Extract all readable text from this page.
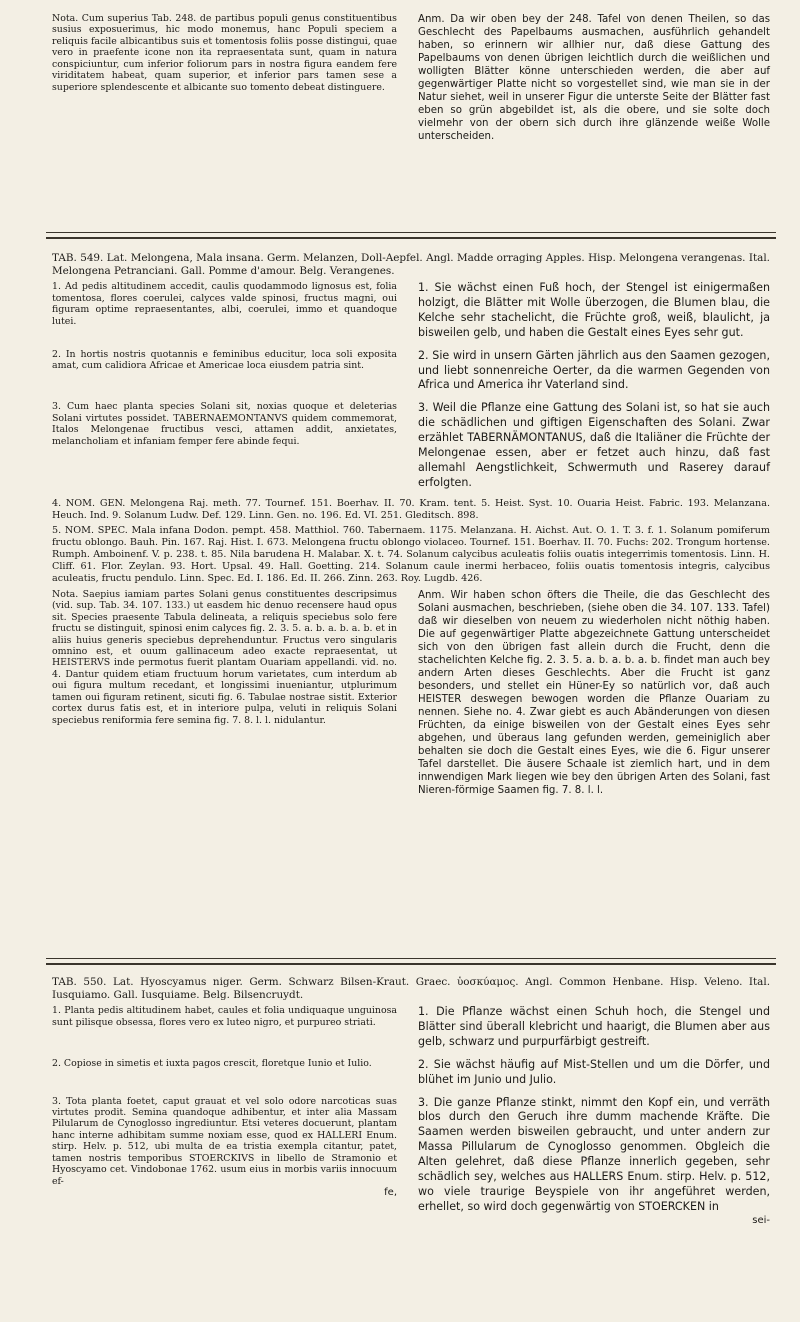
Nota. Cum superius Tab. 248. de partibus populi genus constituentibus susius exposuerimus, hic modo monemus, hanc Populi speciem a reliquis facile albicantibus suis et tomentosis foliis posse distingui, quae vero in praefente icone non ita repraesentata sunt, quam in natura conspiciuntur, cum inferior foliorum pars in nostra figura eandem fere viriditatem habeat, quam superior, et inferior pars tamen sese a superiore splendescente et albicante suo tomento debeat distinguere.
Anm. Da wir oben bey der 248. Tafel von denen Theilen, so das Geschlecht des Papelbaums ausmachen, ausführlich gehandelt haben, so erinnern wir allhier nur, daß diese Gattung des Papelbaums von denen übrigen leichtlich durch die weißlichen und wolligten Blätter könne unterschieden werden, die aber auf gegenwärtiger Platte nicht so vorgestellet sind, wie man sie in der Natur siehet, weil in unserer Figur die unterste Seite der Blätter fast eben so grün abgebildet ist, als die obere, und sie solte doch vielmehr von der obern sich durch ihre glänzende weiße Wolle unterscheiden.
TAB. 549. Lat. Melongena, Mala insana. Germ. Melanzen, Doll-Aepfel. Angl. Madde orraging Apples. Hisp. Melongena verangenas. Ital. Melongena Petranciani. Gall. Pomme d'amour. Belg. Verangenes.
1. Ad pedis altitudinem accedit, caulis quodammodo lignosus est, folia tomentosa, flores coerulei, calyces valde spinosi, fructus magni, oui figuram optime repraesentantes, albi, coerulei, immo et quandoque lutei.
1. Sie wächst einen Fuß hoch, der Stengel ist einigermaßen holzigt, die Blätter mit Wolle überzogen, die Blumen blau, die Kelche sehr stachelicht, die Früchte groß, weiß, blaulicht, ja bisweilen gelb, und haben die Gestalt eines Eyes sehr gut.
2. In hortis nostris quotannis e feminibus educitur, loca soli exposita amat, cum calidiora Africae et Americae loca eiusdem patria sint.
2. Sie wird in unsern Gärten jährlich aus den Saamen gezogen, und liebt sonnenreiche Oerter, da die warmen Gegenden von Africa und America ihr Vaterland sind.
3. Cum haec planta species Solani sit, noxias quoque et deleterias Solani virtutes possidet. TABERNAEMONTANVS quidem commemorat, Italos Melongenae fructibus vesci, attamen addit, anxietates, melancholiam et infaniam femper fere abinde fequi.
3. Weil die Pflanze eine Gattung des Solani ist, so hat sie auch die schädlichen und giftigen Eigenschaften des Solani. Zwar erzählet TABERNÄMONTANUS, daß die Italiäner die Früchte der Melongenae essen, aber er fetzet auch hinzu, daß fast allemahl Aengstlichkeit, Schwermuth und Raserey darauf erfolgten.
4. NOM. GEN. Melongena Raj. meth. 77. Tournef. 151. Boerhav. II. 70. Kram. tent. 5. Heist. Syst. 10. Ouaria Heist. Fabric. 193. Melanzana. Heuch. Ind. 9. Solanum Ludw. Def. 129. Linn. Gen. no. 196. Ed. VI. 251. Gleditsch. 898.
5. NOM. SPEC. Mala infana Dodon. pempt. 458. Matthiol. 760. Tabernaem. 1175. Melanzana. H. Aichst. Aut. O. 1. T. 3. f. 1. Solanum pomiferum fructu oblongo. Bauh. Pin. 167. Raj. Hist. I. 673. Melongena fructu oblongo violaceo. Tournef. 151. Boerhav. II. 70. Fuchs: 202. Trongum hortense. Rumph. Amboinenf. V. p. 238. t. 85. Nila barudena H. Malabar. X. t. 74. Solanum calycibus aculeatis foliis ouatis integerrimis tomentosis. Linn. H. Cliff. 61. Flor. Zeylan. 93. Hort. Upsal. 49. Hall. Goetting. 214. Solanum caule inermi herbaceo, foliis ouatis tomentosis integris, calycibus aculeatis, fructu pendulo. Linn. Spec. Ed. I. 186. Ed. II. 266. Zinn. 263. Roy. Lugdb. 426.
Nota. Saepius iamiam partes Solani genus constituentes descripsimus (vid. sup. Tab. 34. 107. 133.) ut easdem hic denuo recensere haud opus sit. Species praesente Tabula delineata, a reliquis speciebus solo fere fructu se distinguit, spinosi enim calyces fig. 2. 3. 5. a. b. a. b. a. b. et in aliis huius generis speciebus deprehenduntur. Fructus vero singularis omnino est, et ouum gallinaceum adeo exacte repraesentat, ut HEISTERVS inde permotus fuerit plantam Ouariam appellandi. vid. no. 4. Dantur quidem etiam fructuum horum varietates, cum interdum ab oui figura multum recedant, et longissimi inueniantur, utplurimum tamen oui figuram retinent, sicuti fig. 6. Tabulae nostrae sistit. Exterior cortex durus fatis est, et in interiore pulpa, veluti in reliquis Solani speciebus reniformia fere semina fig. 7. 8. l. l. nidulantur.
Anm. Wir haben schon öfters die Theile, die das Geschlecht des Solani ausmachen, beschrieben, (siehe oben die 34. 107. 133. Tafel) daß wir dieselben von neuem zu wiederholen nicht nöthig haben. Die auf gegenwärtiger Platte abgezeichnete Gattung unterscheidet sich von den übrigen fast allein durch die Frucht, denn die stachelichten Kelche fig. 2. 3. 5. a. b. a. b. a. b. findet man auch bey andern Arten dieses Geschlechts. Aber die Frucht ist ganz besonders, und stellet ein Hüner-Ey so natürlich vor, daß auch HEISTER deswegen bewogen worden die Pflanze Ouariam zu nennen. Siehe no. 4. Zwar giebt es auch Abänderungen von diesen Früchten, da einige bisweilen von der Gestalt eines Eyes sehr abgehen, und überaus lang gefunden werden, gemeiniglich aber behalten sie doch die Gestalt eines Eyes, wie die 6. Figur unserer Tafel darstellet. Die äusere Schaale ist ziemlich hart, und in dem innwendigen Mark liegen wie bey den übrigen Arten des Solani, fast Nieren-förmige Saamen fig. 7. 8. l. l.
TAB. 550. Lat. Hyoscyamus niger. Germ. Schwarz Bilsen-Kraut. Graec. ὑοσκύαμος. Angl. Common Henbane. Hisp. Veleno. Ital. Iusquiamo. Gall. Iusquiame. Belg. Bilsencruydt.
1. Planta pedis altitudinem habet, caules et folia undiquaque unguinosa sunt pilisque obsessa, flores vero ex luteo nigro, et purpureo striati.
1. Die Pflanze wächst einen Schuh hoch, die Stengel und Blätter sind überall klebricht und haarigt, die Blumen aber aus gelb, schwarz und purpurfärbigt gestreift.
2. Copiose in simetis et iuxta pagos crescit, floretque Iunio et Iulio.	2. Sie wächst häufig auf Mist-Stellen und um die Dörfer, und blühet im Junio und Julio.
3. Tota planta foetet, caput grauat et vel solo odore narcoticas suas virtutes prodit. Semina quandoque adhibentur, et inter alia Massam Pilularum de Cynoglosso ingrediuntur. Etsi veteres docuerunt, plantam hanc interne adhibitam summe noxiam esse, quod ex HALLERI Enum. stirp. Helv. p. 512, ubi multa de ea tristia exempla citantur, patet, tamen nostris temporibus STOERCKIVS in libello de Stramonio et Hyoscyamo cet. Vindobonae 1762. usum eius in morbis variis innocuum ef-
fe,
3. Die ganze Pflanze stinkt, nimmt den Kopf ein, und verräth blos durch den Geruch ihre dumm machende Kräfte. Die Saamen werden bisweilen gebraucht, und unter andern zur Massa Pillularum de Cynoglosso genommen. Obgleich die Alten gelehret, daß diese Pflanze innerlich gegeben, sehr schädlich sey, welches aus HALLERS Enum. stirp. Helv. p. 512, wo viele traurige Beyspiele von ihr angeführet werden, erhellet, so wird doch gegenwärtig von STOERCKEN in
sei-
